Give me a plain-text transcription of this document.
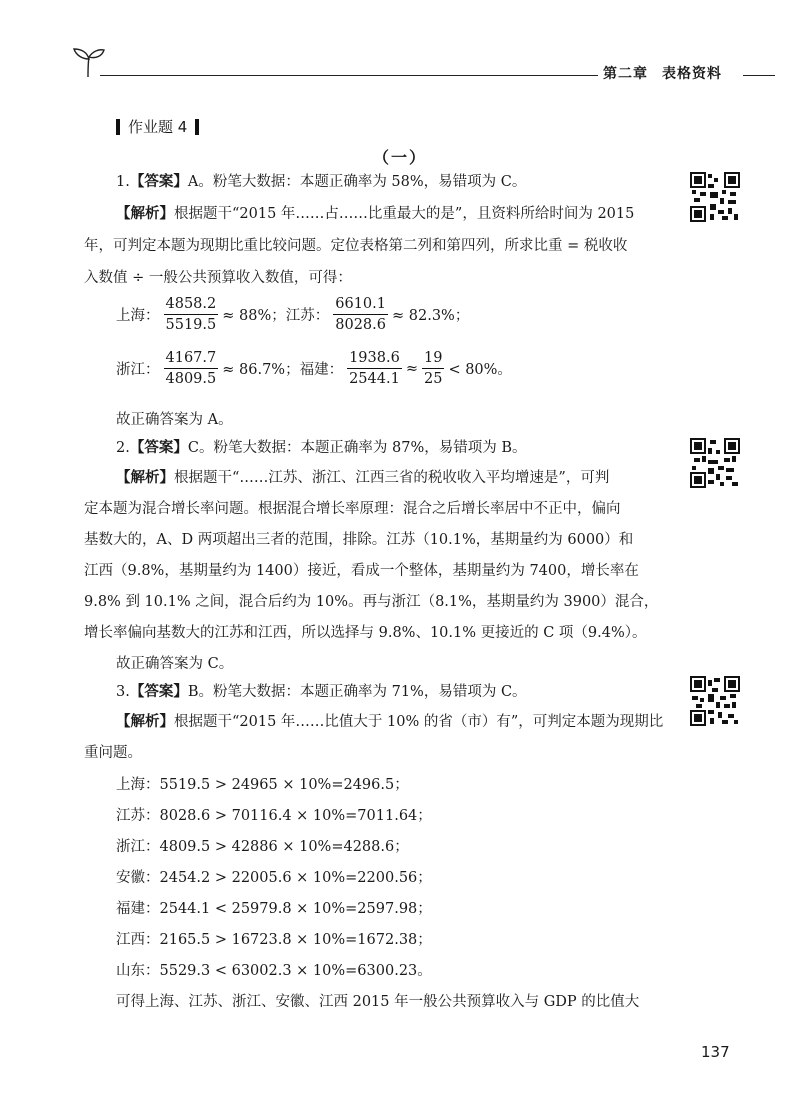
第二章 表格资料
作业题 4
（一）
1.【答案】A。粉笔大数据：本题正确率为 58%，易错项为 C。
【解析】根据题干“2015 年……占……比重最大的是”，且资料所给时间为 2015
年，可判定本题为现期比重比较问题。定位表格第二列和第四列，所求比重 = 税收收
入数值 ÷ 一般公共预算收入数值，可得：
上海： $\frac{4858.2}{5519.5} \approx 88\%$； 江苏： $\frac{6610.1}{8028.6} \approx 82.3\%$；
浙江： $\frac{4167.7}{4809.5} \approx 86.7\%$； 福建： $\frac{1938.6}{2544.1} \approx \frac{19}{25} < 80\%$。
故正确答案为 A。
2.【答案】C。粉笔大数据：本题正确率为 87%，易错项为 B。
【解析】根据题干“……江苏、浙江、江西三省的税收收入平均增速是”，可判
定本题为混合增长率问题。根据混合增长率原理：混合之后增长率居中不正中，偏向
基数大的，A、D 两项超出三者的范围，排除。江苏（10.1%，基期量约为 6000）和
江西（9.8%，基期量约为 1400）接近，看成一个整体，基期量约为 7400，增长率在
9.8% 到 10.1% 之间，混合后约为 10%。再与浙江（8.1%，基期量约为 3900）混合，
增长率偏向基数大的江苏和江西，所以选择与 9.8%、10.1% 更接近的 C 项（9.4%）。
故正确答案为 C。
3.【答案】B。粉笔大数据：本题正确率为 71%，易错项为 C。
【解析】根据题干“2015 年……比值大于 10% 的省（市）有”，可判定本题为现期比
重问题。
上海：5519.5 > 24965 × 10%=2496.5；
江苏：8028.6 > 70116.4 × 10%=7011.64；
浙江：4809.5 > 42886 × 10%=4288.6；
安徽：2454.2 > 22005.6 × 10%=2200.56；
福建：2544.1 < 25979.8 × 10%=2597.98；
江西：2165.5 > 16723.8 × 10%=1672.38；
山东：5529.3 < 63002.3 × 10%=6300.23。
可得上海、江苏、浙江、安徽、江西 2015 年一般公共预算收入与 GDP 的比值大
137
